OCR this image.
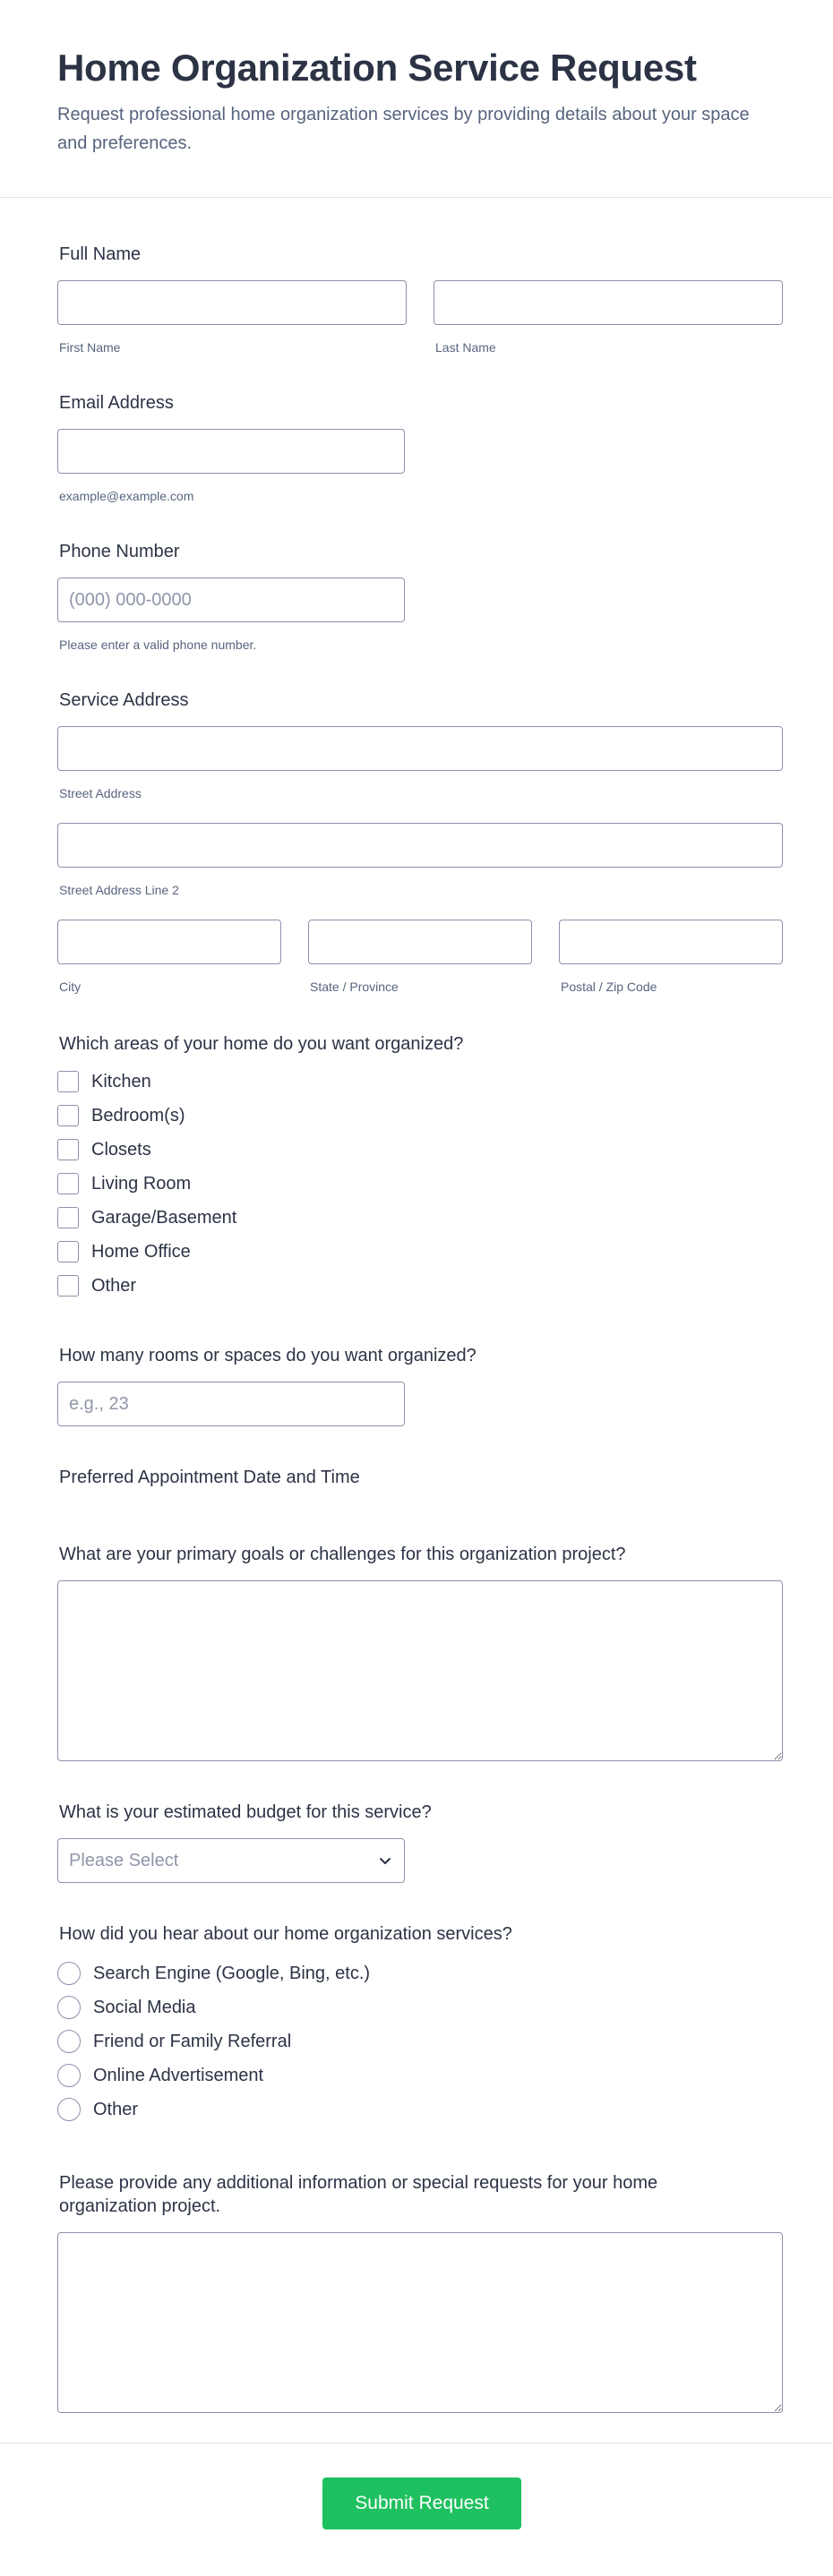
Home Organization Service Request

Request professional home organization services by providing details about your space and preferences.

Full Name
First Name	Last Name
Email Address
example@example.com
Phone Number
(000) 000-0000
Please enter a valid phone number.
Service Address
Street Address
Street Address Line 2
City	State / Province	Postal / Zip Code
Which areas of your home do you want organized?
Kitchen
Bedroom(s)
Closets
Living Room
Garage/Basement
Home Office
Other
How many rooms or spaces do you want organized?
e.g., 23
Preferred Appointment Date and Time
What are your primary goals or challenges for this organization project?
What is your estimated budget for this service?
Please Select
How did you hear about our home organization services?
Search Engine (Google, Bing, etc.)
Social Media
Friend or Family Referral
Online Advertisement
Other
Please provide any additional information or special requests for your home organization project.
Submit Request
